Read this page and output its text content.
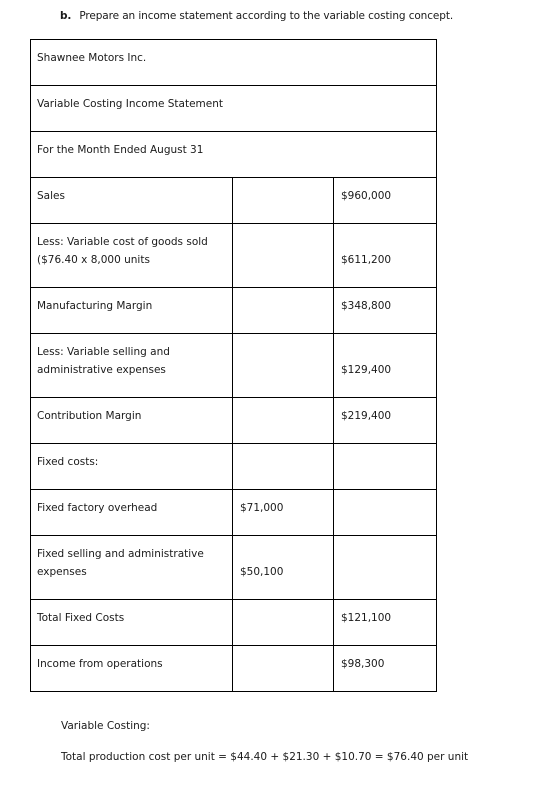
b. Prepare an income statement according to the variable costing concept.
Shawnee Motors Inc.		
Variable Costing Income Statement		
For the Month Ended August 31		

Sales		$960,000

Less: Variable cost of goods sold
($76.40 x 8,000 units		$611,200

Manufacturing Margin		$348,800

Less: Variable selling and
administrative expenses		$129,400

Contribution Margin		$219,400

Fixed costs:		

Fixed factory overhead	$71,000	

Fixed selling and administrative
expenses	$50,100	

Total Fixed Costs		$121,100

Income from operations		$98,300
Variable Costing:
Total production cost per unit = $44.40 + $21.30 + $10.70 = $76.40 per unit
